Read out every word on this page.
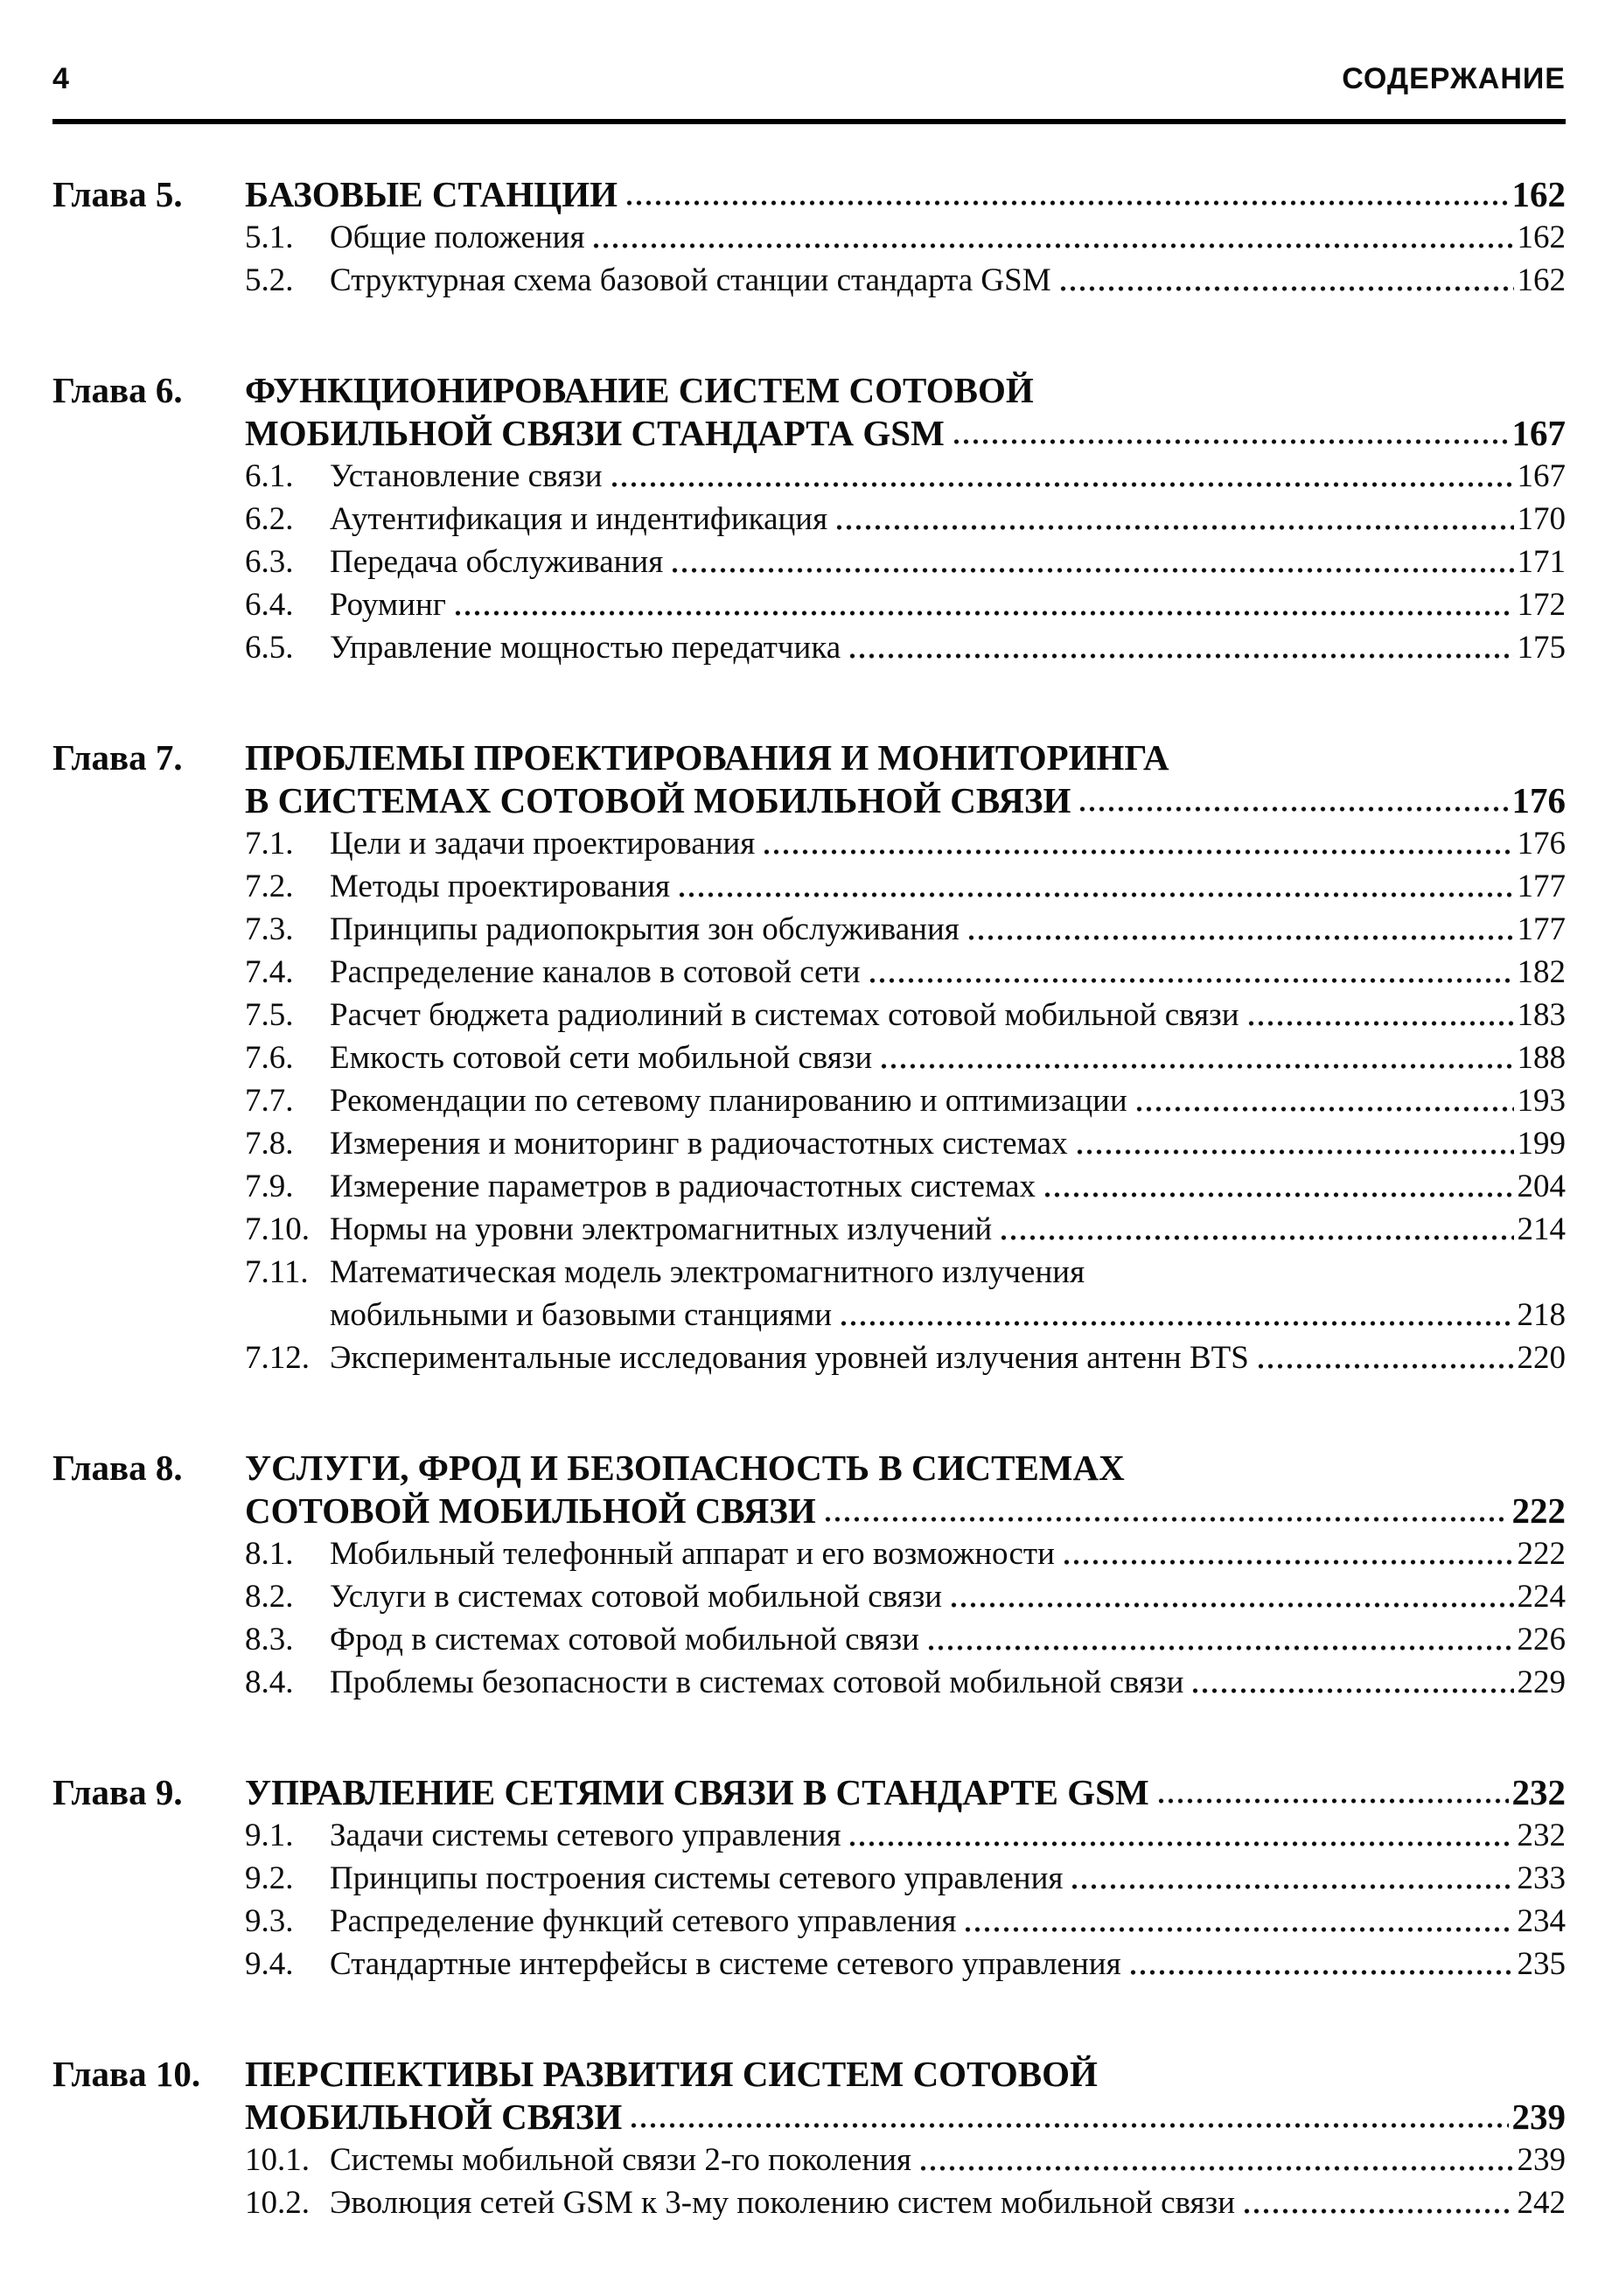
4	СОДЕРЖАНИЕ
Глава 5. БАЗОВЫЕ СТАНЦИИ	162
5.1.	Общие положения	162
5.2.	Структурная схема базовой станции стандарта GSM	162
Глава 6. ФУНКЦИОНИРОВАНИЕ СИСТЕМ СОТОВОЙ
МОБИЛЬНОЙ СВЯЗИ СТАНДАРТА GSM	167
6.1.	Установление связи	167
6.2.	Аутентификация и индентификация	170
6.3.	Передача обслуживания	171
6.4.	Роуминг	172
6.5.	Управление мощностью передатчика	175
Глава 7. ПРОБЛЕМЫ ПРОЕКТИРОВАНИЯ И МОНИТОРИНГА
В СИСТЕМАХ СОТОВОЙ МОБИЛЬНОЙ СВЯЗИ	176
7.1.	Цели и задачи проектирования	176
7.2.	Методы проектирования	177
7.3.	Принципы радиопокрытия зон обслуживания	177
7.4.	Распределение каналов в сотовой сети	182
7.5.	Расчет бюджета радиолиний в системах сотовой мобильной связи	183
7.6.	Емкость сотовой сети мобильной связи	188
7.7.	Рекомендации по сетевому планированию и оптимизации	193
7.8.	Измерения и мониторинг в радиочастотных системах	199
7.9.	Измерение параметров в радиочастотных системах	204
7.10. Нормы на уровни электромагнитных излучений	214
7.11. Математическая модель электромагнитного излучения
мобильными и базовыми станциями	218
7.12. Экспериментальные исследования уровней излучения антенн BTS	220
Глава 8. УСЛУГИ, ФРОД И БЕЗОПАСНОСТЬ В СИСТЕМАХ
СОТОВОЙ МОБИЛЬНОЙ СВЯЗИ	222
8.1.	Мобильный телефонный аппарат и его возможности	222
8.2.	Услуги в системах сотовой мобильной связи	224
8.3.	Фрод в системах сотовой мобильной связи	226
8.4.	Проблемы безопасности в системах сотовой мобильной связи	229
Глава 9. УПРАВЛЕНИЕ СЕТЯМИ СВЯЗИ В СТАНДАРТЕ GSM	232
9.1.	Задачи системы сетевого управления	232
9.2.	Принципы построения системы сетевого управления	233
9.3.	Распределение функций сетевого управления	234
9.4.	Стандартные интерфейсы в системе сетевого управления	235
Глава 10. ПЕРСПЕКТИВЫ РАЗВИТИЯ СИСТЕМ СОТОВОЙ
МОБИЛЬНОЙ СВЯЗИ	239
10.1. Системы мобильной связи 2-го поколения	239
10.2. Эволюция сетей GSM к 3-му поколению систем мобильной связи	242
